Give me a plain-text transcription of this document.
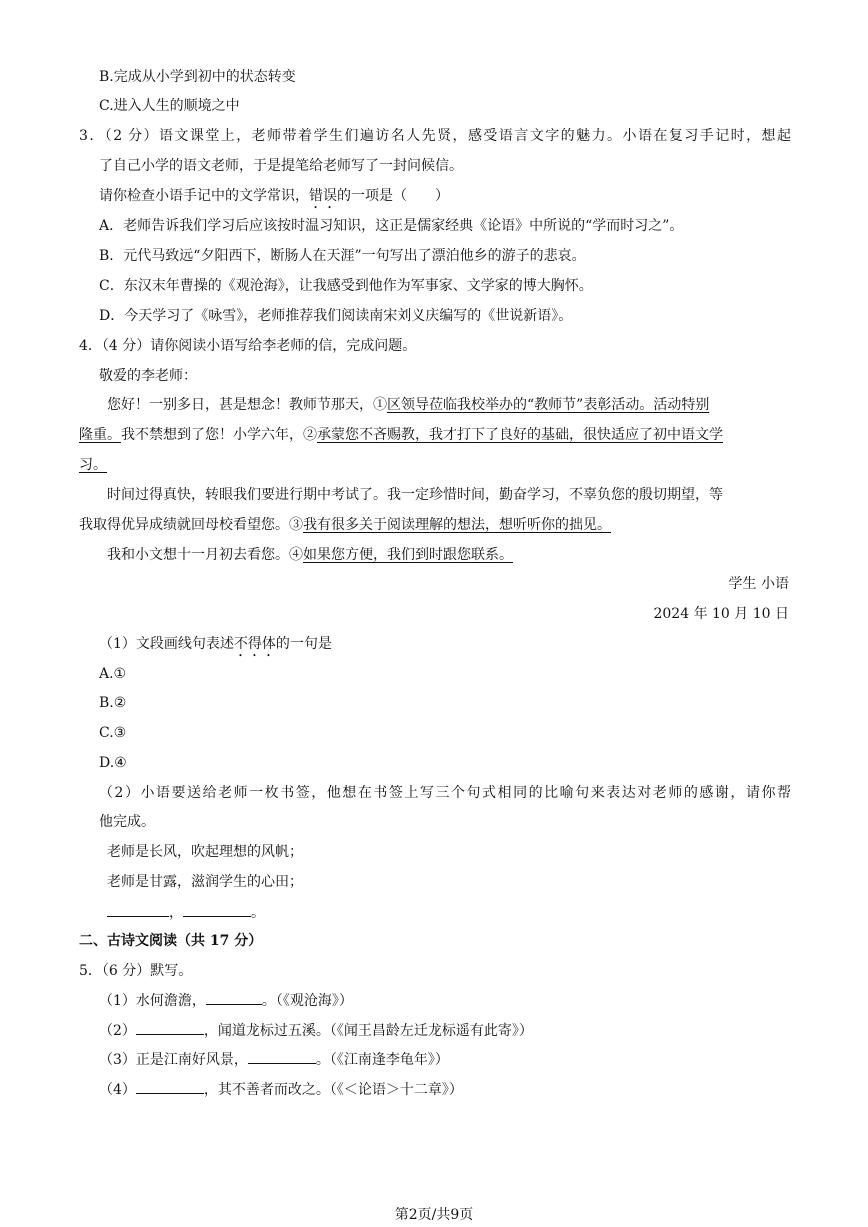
B.完成从小学到初中的状态转变
C.进入人生的顺境之中
3．（2 分）语文课堂上，老师带着学生们遍访名人先贤，感受语言文字的魅力。小语在复习手记时，想起
了自己小学的语文老师，于是提笔给老师写了一封问候信。
请你检查小语手记中的文学常识，错误的一项是（　　）
A．老师告诉我们学习后应该按时温习知识，这正是儒家经典《论语》中所说的“学而时习之”。
B．元代马致远“夕阳西下，断肠人在天涯”一句写出了漂泊他乡的游子的悲哀。
C．东汉末年曹操的《观沧海》，让我感受到他作为军事家、文学家的博大胸怀。
D．今天学习了《咏雪》，老师推荐我们阅读南宋刘义庆编写的《世说新语》。
4．（4 分）请你阅读小语写给李老师的信，完成问题。
敬爱的李老师：
您好！一别多日，甚是想念！教师节那天，①区领导莅临我校举办的“教师节”表彰活动。活动特别
隆重。我不禁想到了您！小学六年，②承蒙您不吝赐教，我才打下了良好的基础，很快适应了初中语文学
习。
时间过得真快，转眼我们要进行期中考试了。我一定珍惜时间，勤奋学习，不辜负您的殷切期望，等
我取得优异成绩就回母校看望您。③我有很多关于阅读理解的想法，想听听你的拙见。
我和小文想十一月初去看您。④如果您方便，我们到时跟您联系。
学生 小语
2024 年 10 月 10 日
（1）文段画线句表述不得体的一句是
A.①
B.②
C.③
D.④
（2）小语要送给老师一枚书签，他想在书签上写三个句式相同的比喻句来表达对老师的感谢，请你帮
他完成。
老师是长风，吹起理想的风帆；
老师是甘露，滋润学生的心田；
，	。
二、古诗文阅读（共 17 分）
5．（6 分）默写。
（1）水何澹澹，	。（《观沧海》）
（2）	，闻道龙标过五溪。（《闻王昌龄左迁龙标遥有此寄》）
（3）正是江南好风景，	。（《江南逢李龟年》）
（4）	，其不善者而改之。（《＜论语＞十二章》）
第2页/共9页
